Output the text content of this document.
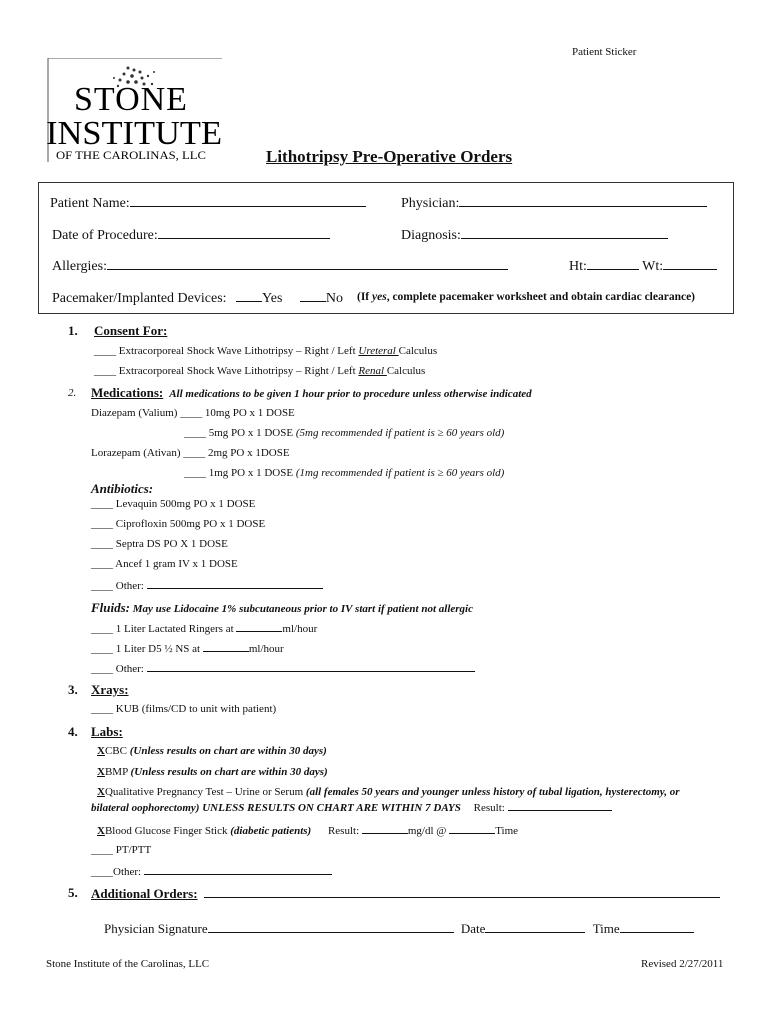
Patient Sticker
STONE
INSTITUTE
OF THE CAROLINAS, LLC	Lithotripsy Pre-Operative Orders
Patient Name:	Physician:
Date of Procedure:	Diagnosis:
Allergies:	Ht:	Wt:
Pacemaker/Implanted Devices:	Yes	No (If yes, complete pacemaker worksheet and obtain cardiac clearance)
1. Consent For:
____ Extracorporeal Shock Wave Lithotripsy – Right / Left Ureteral Calculus
____ Extracorporeal Shock Wave Lithotripsy – Right / Left Renal Calculus
2. Medications: All medications to be given 1 hour prior to procedure unless otherwise indicated
Diazepam (Valium) ____ 10mg PO x 1 DOSE
____ 5mg PO x 1 DOSE (5mg recommended if patient is ≥ 60 years old)
Lorazepam (Ativan) ____ 2mg PO x 1DOSE
____ 1mg PO x 1 DOSE (1mg recommended if patient is ≥ 60 years old)
Antibiotics:
____ Levaquin 500mg PO x 1 DOSE
____ Ciprofloxin 500mg PO x 1 DOSE
____ Septra DS PO X 1 DOSE
____ Ancef 1 gram IV x 1 DOSE
____ Other:
Fluids: May use Lidocaine 1% subcutaneous prior to IV start if patient not allergic
____ 1 Liter Lactated Ringers at	ml/hour
____ 1 Liter D5 ½ NS at	ml/hour
____ Other:
3. Xrays:
____ KUB (films/CD to unit with patient)
4. Labs:
XCBC (Unless results on chart are within 30 days)
XBMP (Unless results on chart are within 30 days)
XQualitative Pregnancy Test – Urine or Serum (all females 50 years and younger unless history of tubal ligation, hysterectomy, or
bilateral oophorectomy) UNLESS RESULTS ON CHART ARE WITHIN 7 DAYS Result:
XBlood Glucose Finger Stick (diabetic patients) Result:	mg/dl @	Time
____ PT/PTT
____Other:
5. Additional Orders:
Physician Signature	Date	Time
Stone Institute of the Carolinas, LLC	Revised 2/27/2011
